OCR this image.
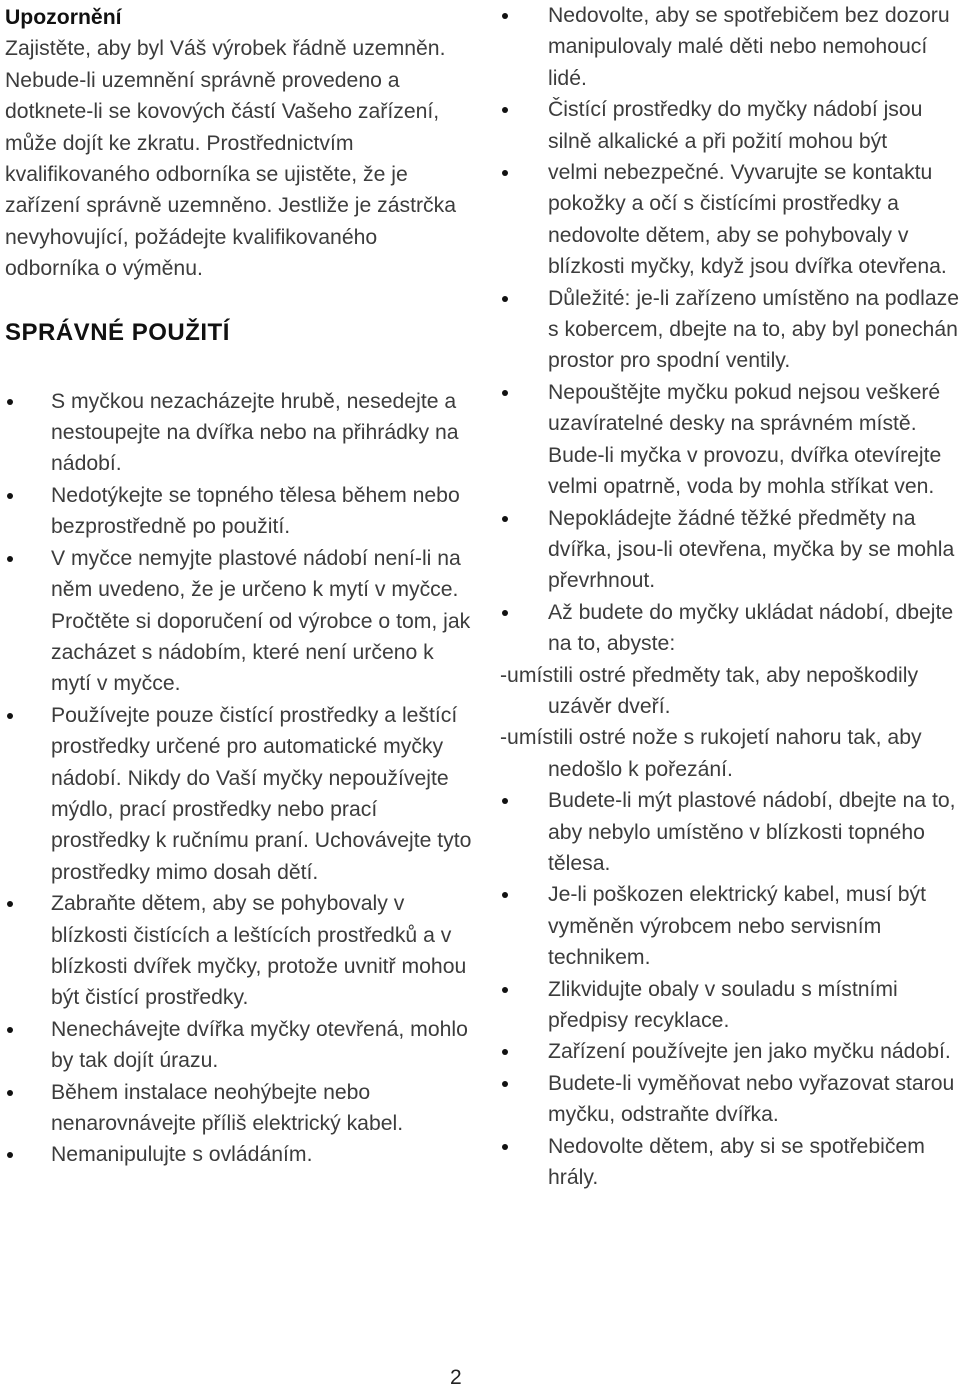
Upozornění

Zajistěte, aby byl Váš výrobek řádně uzemněn. Nebude-li uzemnění správně provedeno a dotknete-li se kovových částí Vašeho zařízení, může dojít ke zkratu. Prostřednictvím kvalifikovaného odborníka se ujistěte, že je zařízení správně uzemněno. Jestliže je zástrčka nevyhovující, požádejte kvalifikovaného odborníka o výměnu.

SPRÁVNÉ POUŽITÍ
S myčkou nezacházejte hrubě, nesedejte a nestoupejte na dvířka nebo na přihrádky na nádobí.
Nedotýkejte se topného tělesa během nebo bezprostředně po použití.
V myčce nemyjte plastové nádobí není-li na něm uvedeno, že je určeno k mytí v myčce. Pročtěte si doporučení od výrobce o tom, jak zacházet s nádobím, které není určeno k mytí v myčce.
Používejte pouze čistící prostředky a leštící prostředky určené pro automatické myčky nádobí. Nikdy do Vaší myčky nepoužívejte mýdlo, prací prostředky nebo prací prostředky k ručnímu praní. Uchovávejte tyto prostředky mimo dosah dětí.
Zabraňte dětem, aby se pohybovaly v blízkosti čistících a leštících prostředků a v blízkosti dvířek myčky, protože uvnitř mohou být čistící prostředky.
Nenechávejte dvířka myčky otevřená, mohlo by tak dojít úrazu.
Během instalace neohýbejte nebo nenarovnávejte příliš elektrický kabel.
Nemanipulujte s ovládáním.
Nedovolte, aby se spotřebičem bez dozoru manipulovaly malé děti nebo nemohoucí lidé.
Čistící prostředky do myčky nádobí jsou silně alkalické a při požití mohou být
velmi nebezpečné. Vyvarujte se kontaktu pokožky a očí s čistícími prostředky a nedovolte dětem, aby se pohybovaly v blízkosti myčky, když jsou dvířka otevřena.
Důležité: je-li zařízeno umístěno na podlaze s kobercem, dbejte na to, aby byl ponechán prostor pro spodní ventily.
Nepouštějte myčku pokud nejsou veškeré uzavíratelné desky na správném místě. Bude-li myčka v provozu, dvířka otevírejte velmi opatrně, voda by mohla stříkat ven.
Nepokládejte žádné těžké předměty na dvířka, jsou-li otevřena, myčka by se mohla převrhnout.
Až budete do myčky ukládat nádobí, dbejte na to, abyste:

-umístili ostré předměty tak, aby nepoškodily uzávěr dveří.

-umístili ostré nože s rukojetí nahoru tak, aby nedošlo k pořezání.

Budete-li mýt plastové nádobí, dbejte na to, aby nebylo umístěno v blízkosti topného tělesa.
Je-li poškozen elektrický kabel, musí být vyměněn výrobcem nebo servisním technikem.
Zlikvidujte obaly v souladu s místními předpisy recyklace.
Zařízení používejte jen jako myčku nádobí.
Budete-li vyměňovat nebo vyřazovat starou myčku, odstraňte dvířka.
Nedovolte dětem, aby si se spotřebičem hrály.
2
